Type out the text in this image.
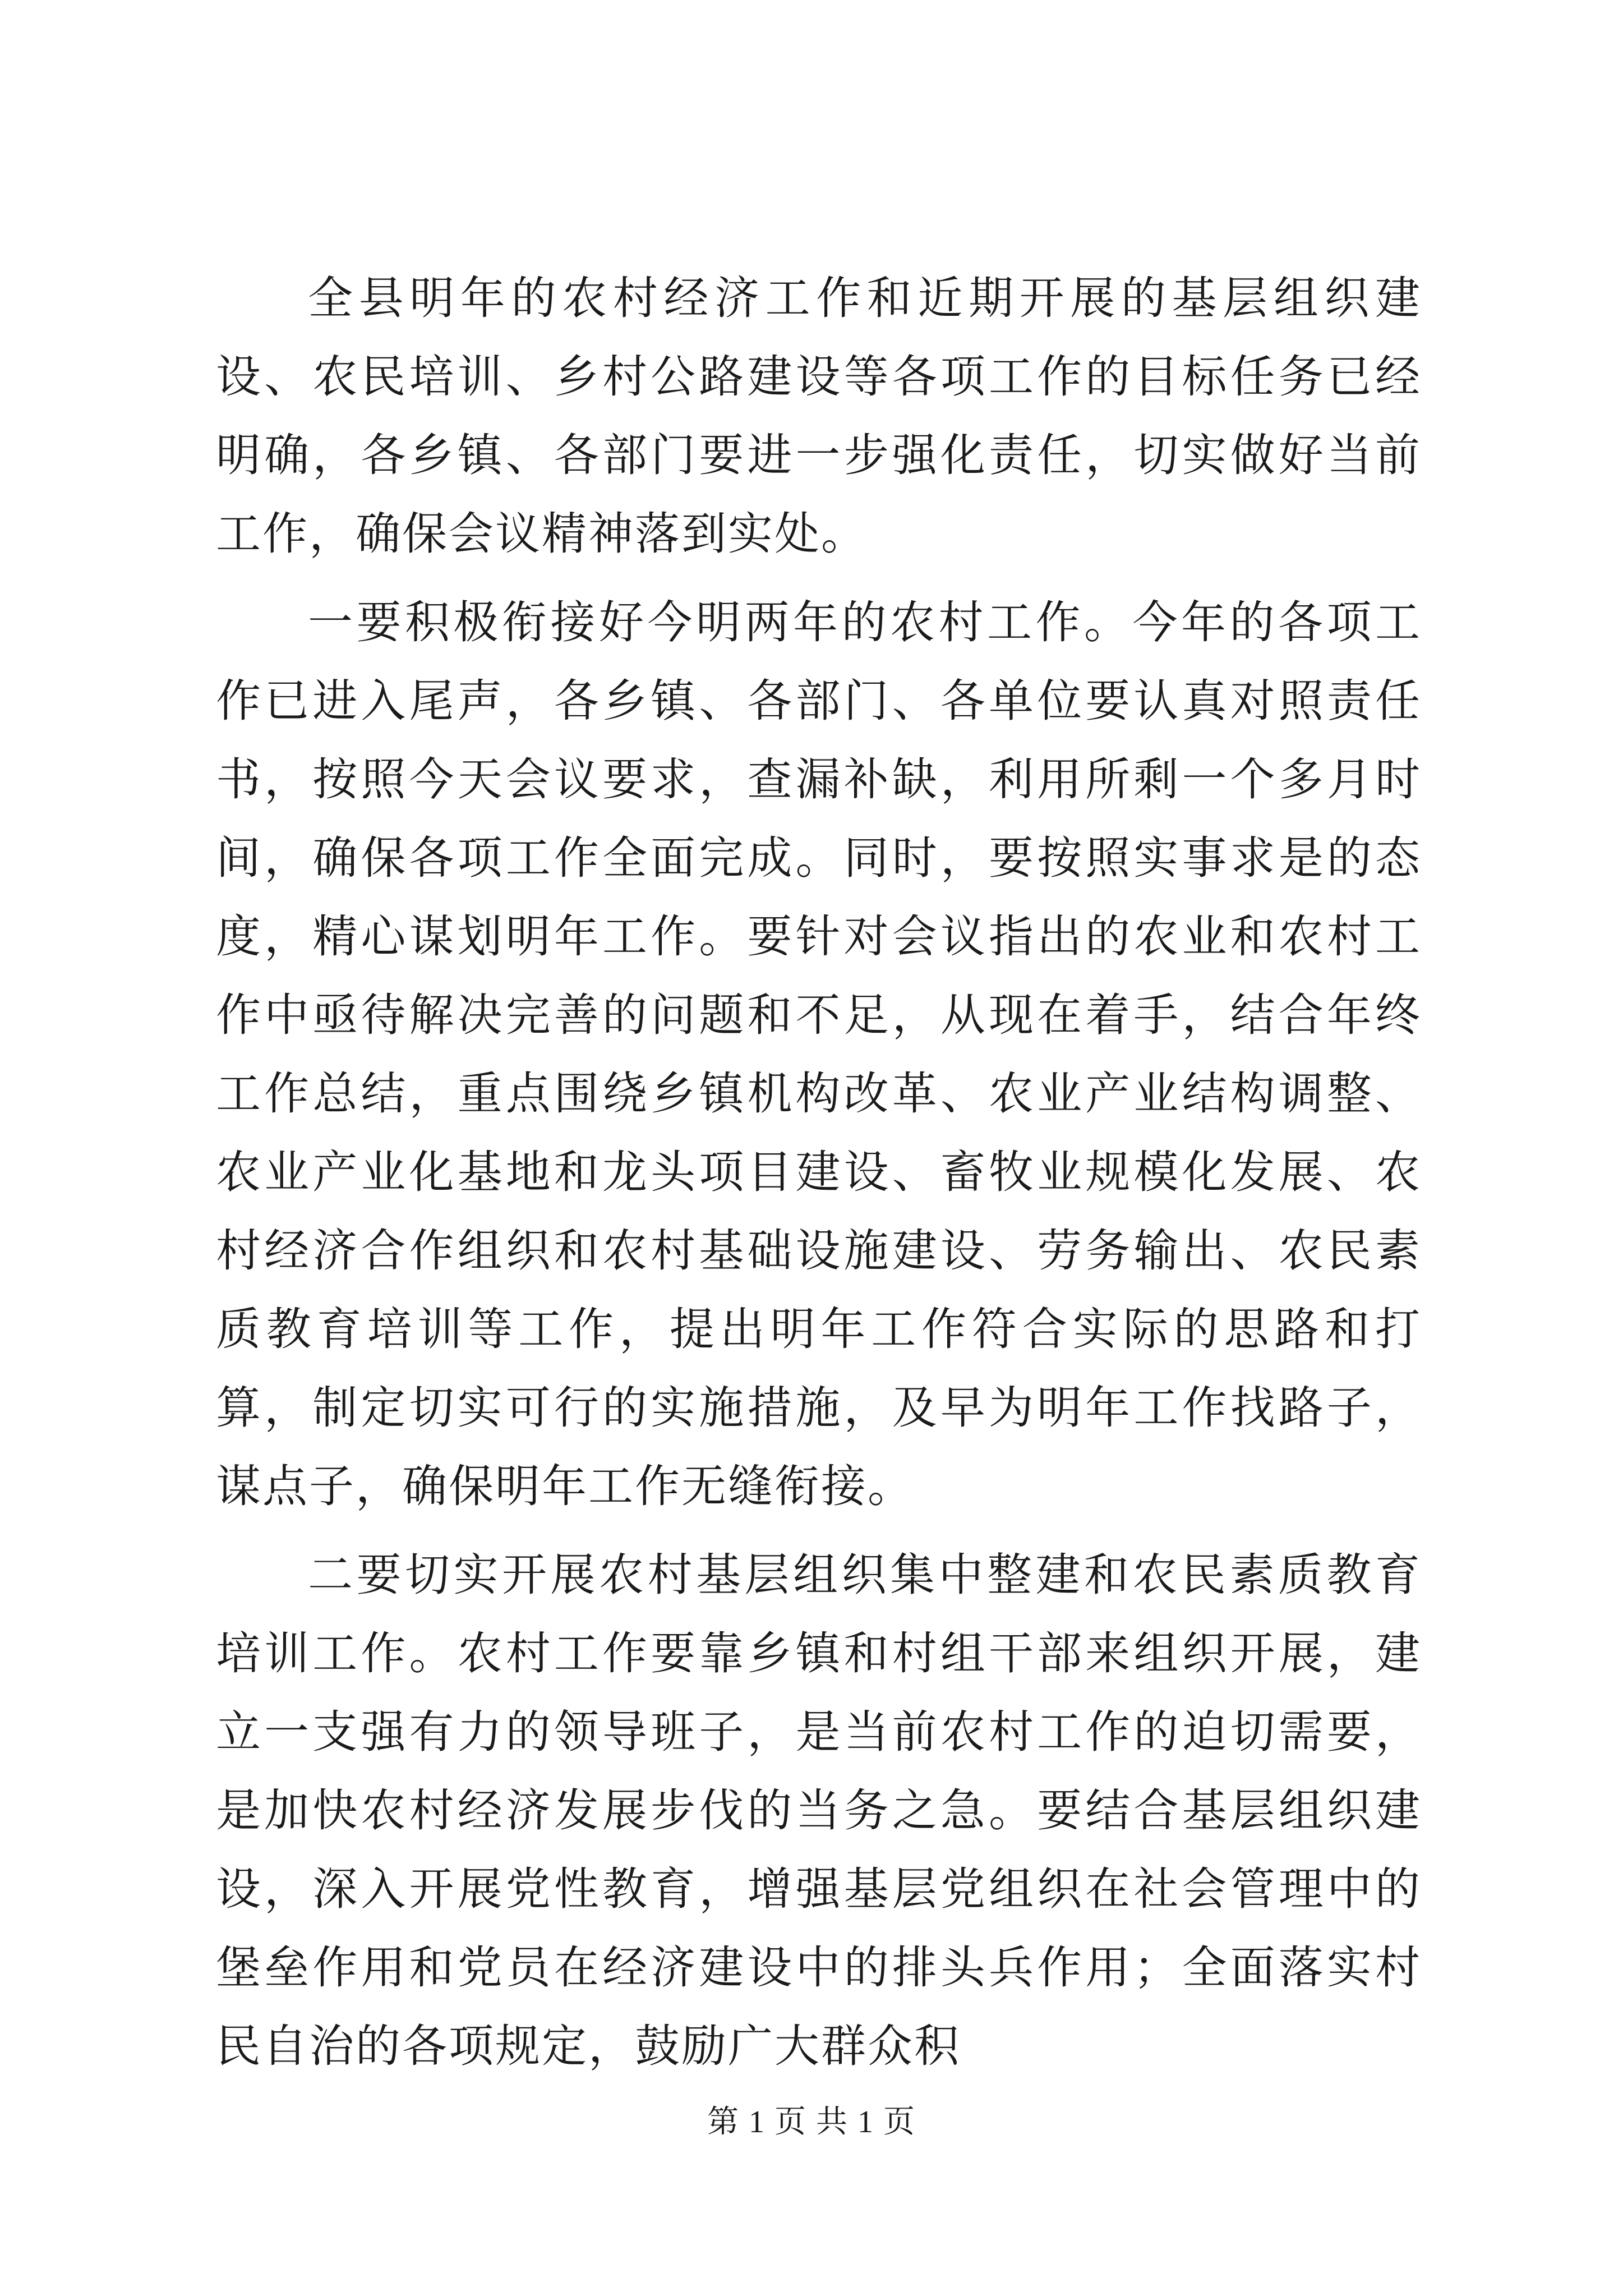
全县明年的农村经济工作和近期开展的基层组织建设、农民培训、乡村公路建设等各项工作的目标任务已经明确，各乡镇、各部门要进一步强化责任，切实做好当前工作，确保会议精神落到实处。

一要积极衔接好今明两年的农村工作。今年的各项工作已进入尾声，各乡镇、各部门、各单位要认真对照责任书，按照今天会议要求，查漏补缺，利用所剩一个多月时间，确保各项工作全面完成。同时，要按照实事求是的态度，精心谋划明年工作。要针对会议指出的农业和农村工作中亟待解决完善的问题和不足，从现在着手，结合年终工作总结，重点围绕乡镇机构改革、农业产业结构调整、农业产业化基地和龙头项目建设、畜牧业规模化发展、农村经济合作组织和农村基础设施建设、劳务输出、农民素质教育培训等工作，提出明年工作符合实际的思路和打算，制定切实可行的实施措施，及早为明年工作找路子，谋点子，确保明年工作无缝衔接。

二要切实开展农村基层组织集中整建和农民素质教育培训工作。农村工作要靠乡镇和村组干部来组织开展，建立一支强有力的领导班子，是当前农村工作的迫切需要，是加快农村经济发展步伐的当务之急。要结合基层组织建设，深入开展党性教育，增强基层党组织在社会管理中的堡垒作用和党员在经济建设中的排头兵作用；全面落实村民自治的各项规定，鼓励广大群众积

第 1 页 共 1 页
